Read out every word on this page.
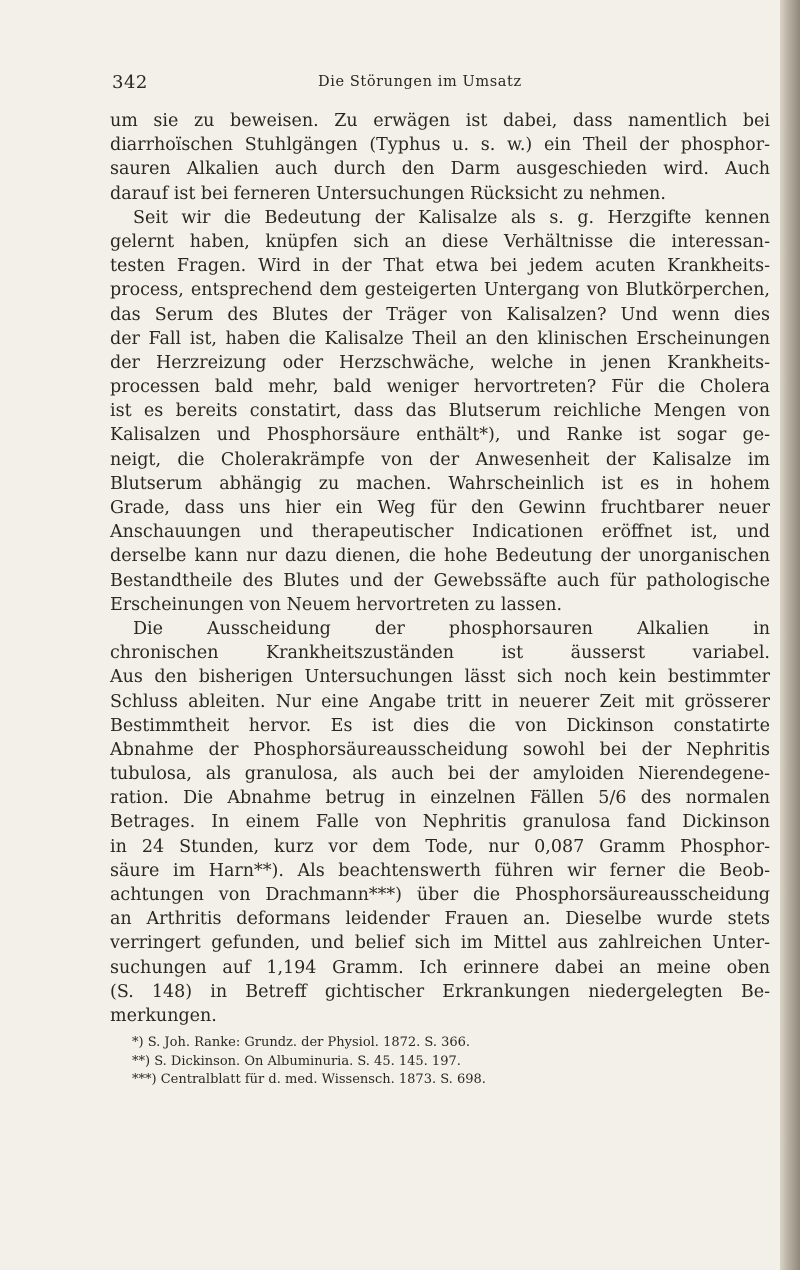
342	Die Störungen im Umsatz
um sie zu beweisen. Zu erwägen ist dabei, dass namentlich bei
diarrhoïschen Stuhlgängen (Typhus u. s. w.) ein Theil der phosphor-
sauren Alkalien auch durch den Darm ausgeschieden wird. Auch
darauf ist bei ferneren Untersuchungen Rücksicht zu nehmen.
Seit wir die Bedeutung der Kalisalze als s. g. Herzgifte kennen
gelernt haben, knüpfen sich an diese Verhältnisse die interessan-
testen Fragen. Wird in der That etwa bei jedem acuten Krankheits-
process, entsprechend dem gesteigerten Untergang von Blutkörperchen,
das Serum des Blutes der Träger von Kalisalzen? Und wenn dies
der Fall ist, haben die Kalisalze Theil an den klinischen Erscheinungen
der Herzreizung oder Herzschwäche, welche in jenen Krankheits-
processen bald mehr, bald weniger hervortreten? Für die Cholera
ist es bereits constatirt, dass das Blutserum reichliche Mengen von
Kalisalzen und Phosphorsäure enthält*), und Ranke ist sogar ge-
neigt, die Cholerakrämpfe von der Anwesenheit der Kalisalze im
Blutserum abhängig zu machen. Wahrscheinlich ist es in hohem
Grade, dass uns hier ein Weg für den Gewinn fruchtbarer neuer
Anschauungen und therapeutischer Indicationen eröffnet ist, und
derselbe kann nur dazu dienen, die hohe Bedeutung der unorganischen
Bestandtheile des Blutes und der Gewebssäfte auch für pathologische
Erscheinungen von Neuem hervortreten zu lassen.
Die Ausscheidung der phosphorsauren Alkalien in
chronischen Krankheitszuständen ist äusserst variabel.
Aus den bisherigen Untersuchungen lässt sich noch kein bestimmter
Schluss ableiten. Nur eine Angabe tritt in neuerer Zeit mit grösserer
Bestimmtheit hervor. Es ist dies die von Dickinson constatirte
Abnahme der Phosphorsäureausscheidung sowohl bei der Nephritis
tubulosa, als granulosa, als auch bei der amyloiden Nierendegene-
ration. Die Abnahme betrug in einzelnen Fällen 5/6 des normalen
Betrages. In einem Falle von Nephritis granulosa fand Dickinson
in 24 Stunden, kurz vor dem Tode, nur 0,087 Gramm Phosphor-
säure im Harn**). Als beachtenswerth führen wir ferner die Beob-
achtungen von Drachmann***) über die Phosphorsäureausscheidung
an Arthritis deformans leidender Frauen an. Dieselbe wurde stets
verringert gefunden, und belief sich im Mittel aus zahlreichen Unter-
suchungen auf 1,194 Gramm. Ich erinnere dabei an meine oben
(S. 148) in Betreff gichtischer Erkrankungen niedergelegten Be-
merkungen.
*) S. Joh. Ranke: Grundz. der Physiol. 1872. S. 366.
**) S. Dickinson. On Albuminuria. S. 45. 145. 197.
***) Centralblatt für d. med. Wissensch. 1873. S. 698.
